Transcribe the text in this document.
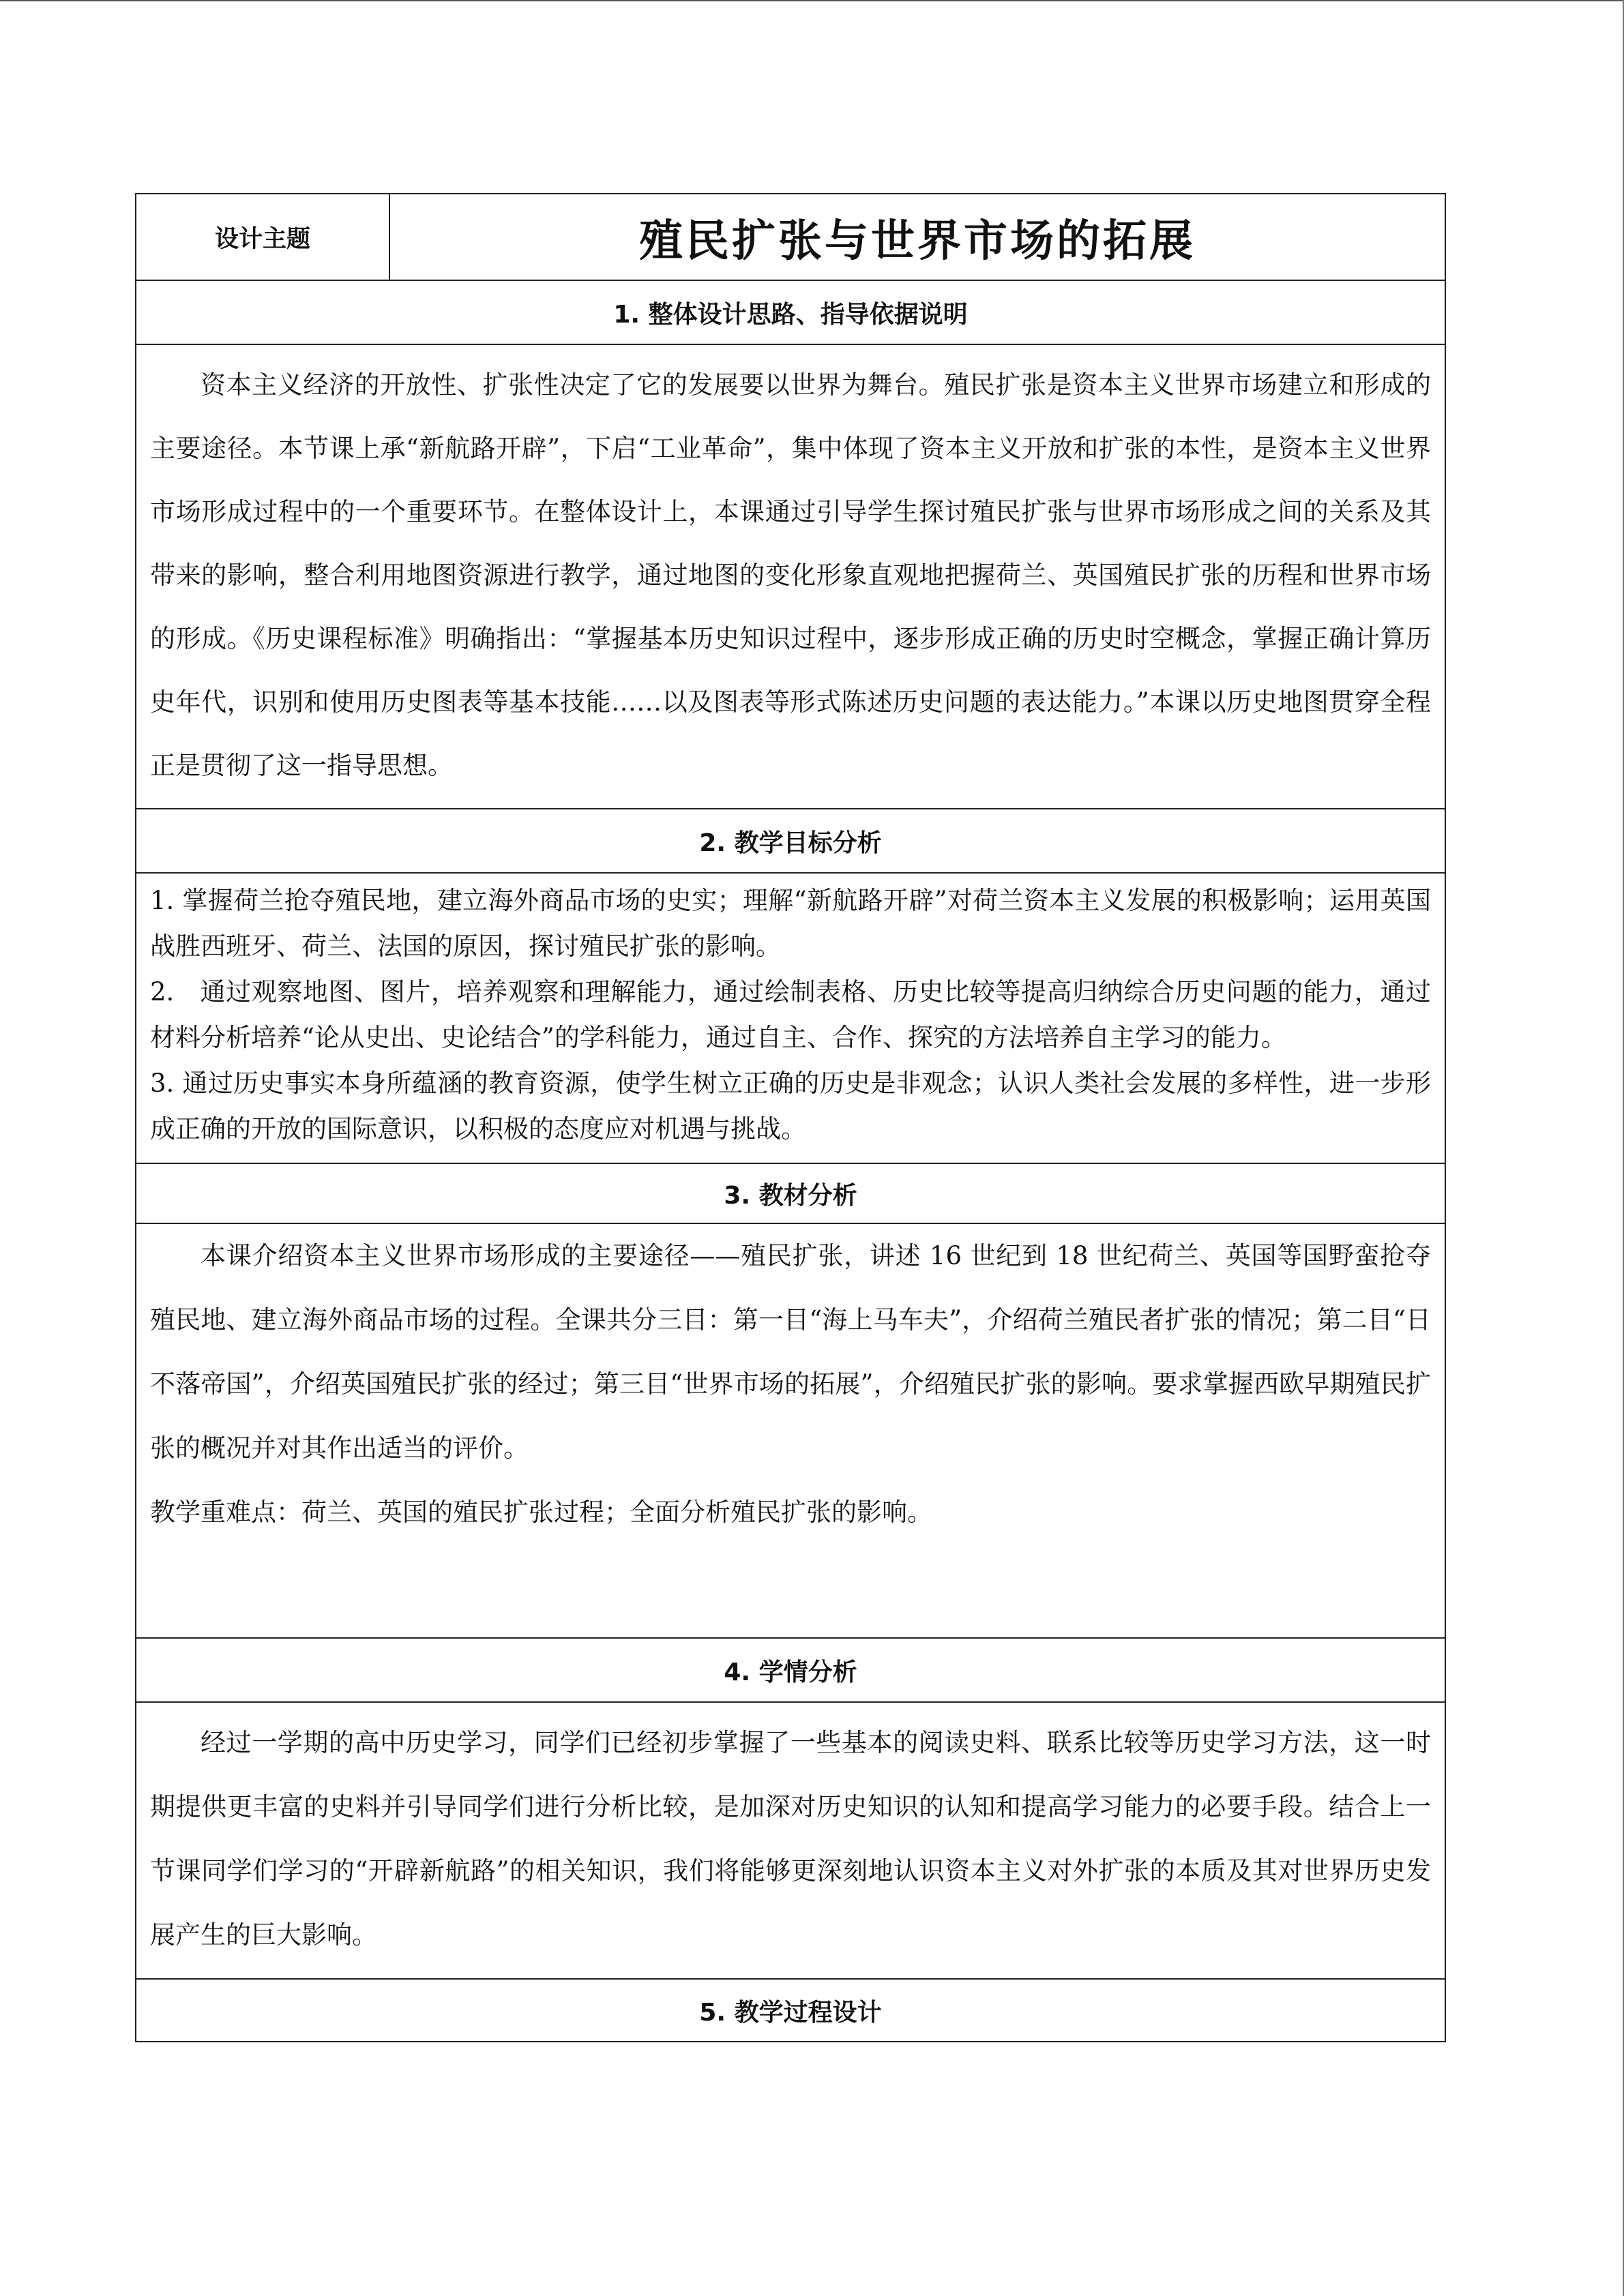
设计主题	殖民扩张与世界市场的拓展
1. 整体设计思路、指导依据说明

资本主义经济的开放性、扩张性决定了它的发展要以世界为舞台。殖民扩张是资本主义世界市场建立和形成的主要途径。本节课上承“新航路开辟”，下启“工业革命”，集中体现了资本主义开放和扩张的本性，是资本主义世界市场形成过程中的一个重要环节。在整体设计上，本课通过引导学生探讨殖民扩张与世界市场形成之间的关系及其带来的影响，整合利用地图资源进行教学，通过地图的变化形象直观地把握荷兰、英国殖民扩张的历程和世界市场的形成。《历史课程标准》明确指出：“掌握基本历史知识过程中，逐步形成正确的历史时空概念，掌握正确计算历史年代，识别和使用历史图表等基本技能……以及图表等形式陈述历史问题的表达能力。”本课以历史地图贯穿全程正是贯彻了这一指导思想。

2. 教学目标分析

1. 掌握荷兰抢夺殖民地，建立海外商品市场的史实；理解“新航路开辟”对荷兰资本主义发展的积极影响；运用英国战胜西班牙、荷兰、法国的原因，探讨殖民扩张的影响。

2.　通过观察地图、图片，培养观察和理解能力，通过绘制表格、历史比较等提高归纳综合历史问题的能力，通过材料分析培养“论从史出、史论结合”的学科能力，通过自主、合作、探究的方法培养自主学习的能力。

3. 通过历史事实本身所蕴涵的教育资源，使学生树立正确的历史是非观念；认识人类社会发展的多样性，进一步形成正确的开放的国际意识，以积极的态度应对机遇与挑战。

3. 教材分析

本课介绍资本主义世界市场形成的主要途径——殖民扩张，讲述 16 世纪到 18 世纪荷兰、英国等国野蛮抢夺殖民地、建立海外商品市场的过程。全课共分三目：第一目“海上马车夫”，介绍荷兰殖民者扩张的情况；第二目“日不落帝国”，介绍英国殖民扩张的经过；第三目“世界市场的拓展”，介绍殖民扩张的影响。要求掌握西欧早期殖民扩张的概况并对其作出适当的评价。

教学重难点：荷兰、英国的殖民扩张过程；全面分析殖民扩张的影响。

4. 学情分析

经过一学期的高中历史学习，同学们已经初步掌握了一些基本的阅读史料、联系比较等历史学习方法，这一时期提供更丰富的史料并引导同学们进行分析比较，是加深对历史知识的认知和提高学习能力的必要手段。结合上一节课同学们学习的“开辟新航路”的相关知识，我们将能够更深刻地认识资本主义对外扩张的本质及其对世界历史发展产生的巨大影响。

5. 教学过程设计
